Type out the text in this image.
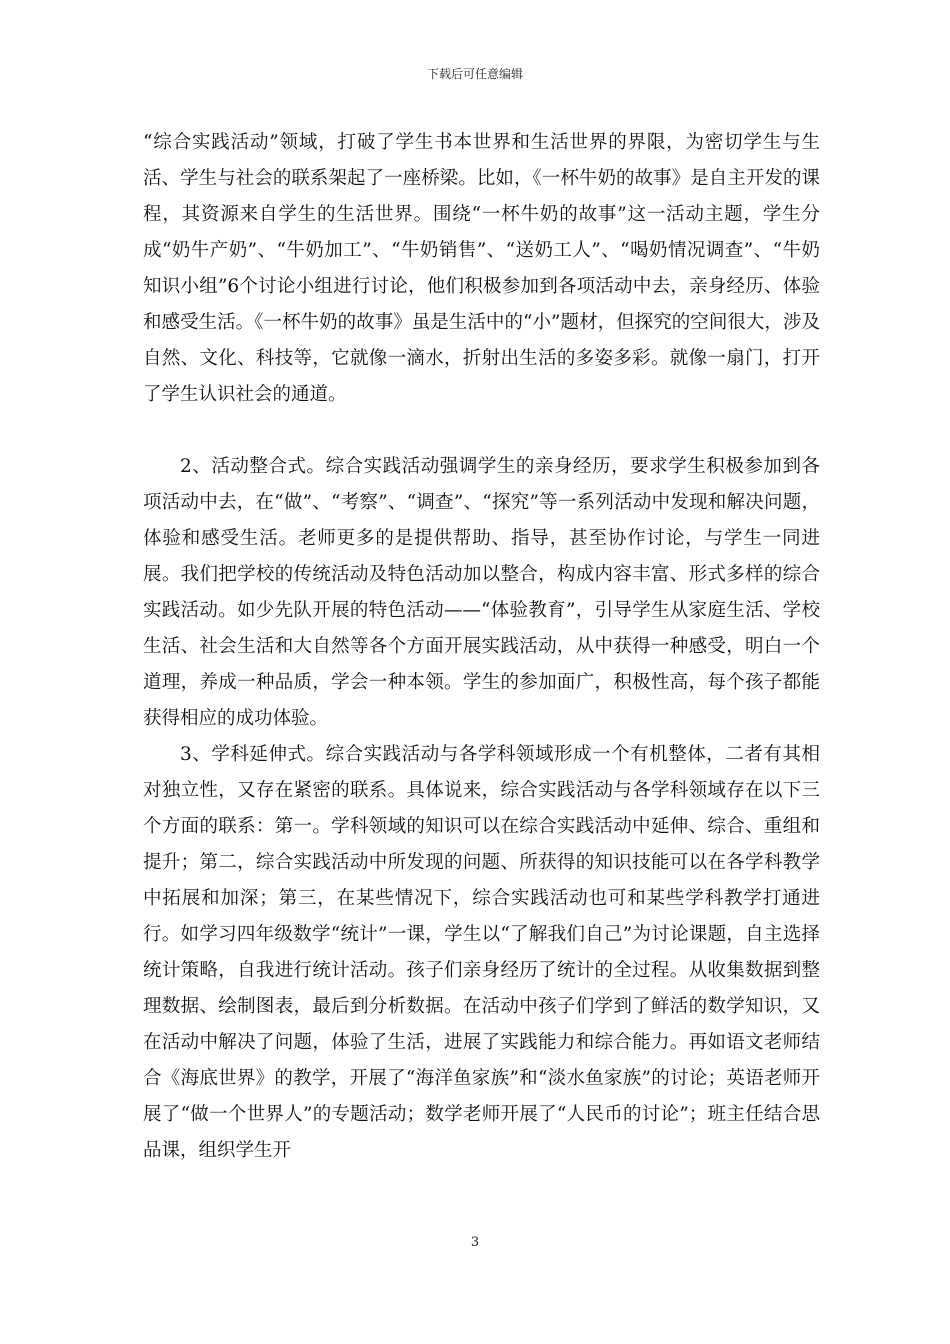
下载后可任意编辑

“综合实践活动”领域，打破了学生书本世界和生活世界的界限，为密切学生与生活、学生与社会的联系架起了一座桥梁。比如，《一杯牛奶的故事》是自主开发的课程，其资源来自学生的生活世界。围绕“一杯牛奶的故事”这一活动主题，学生分成“奶牛产奶”、“牛奶加工”、“牛奶销售”、“送奶工人”、“喝奶情况调查”、“牛奶知识小组”6个讨论小组进行讨论，他们积极参加到各项活动中去，亲身经历、体验和感受生活。《一杯牛奶的故事》虽是生活中的“小”题材，但探究的空间很大，涉及自然、文化、科技等，它就像一滴水，折射出生活的多姿多彩。就像一扇门，打开了学生认识社会的通道。

2、活动整合式。综合实践活动强调学生的亲身经历，要求学生积极参加到各项活动中去，在“做”、“考察”、“调查”、“探究”等一系列活动中发现和解决问题，体验和感受生活。老师更多的是提供帮助、指导，甚至协作讨论，与学生一同进展。我们把学校的传统活动及特色活动加以整合，构成内容丰富、形式多样的综合实践活动。如少先队开展的特色活动——“体验教育”，引导学生从家庭生活、学校生活、社会生活和大自然等各个方面开展实践活动，从中获得一种感受，明白一个道理，养成一种品质，学会一种本领。学生的参加面广，积极性高，每个孩子都能获得相应的成功体验。

3、学科延伸式。综合实践活动与各学科领域形成一个有机整体，二者有其相对独立性，又存在紧密的联系。具体说来，综合实践活动与各学科领域存在以下三个方面的联系：第一。学科领域的知识可以在综合实践活动中延伸、综合、重组和提升；第二，综合实践活动中所发现的问题、所获得的知识技能可以在各学科教学中拓展和加深；第三，在某些情况下，综合实践活动也可和某些学科教学打通进行。如学习四年级数学“统计”一课，学生以“了解我们自己”为讨论课题，自主选择统计策略，自我进行统计活动。孩子们亲身经历了统计的全过程。从收集数据到整理数据、绘制图表，最后到分析数据。在活动中孩子们学到了鲜活的数学知识，又在活动中解决了问题，体验了生活，进展了实践能力和综合能力。再如语文老师结合《海底世界》的教学，开展了“海洋鱼家族”和“淡水鱼家族”的讨论；英语老师开展了“做一个世界人”的专题活动；数学老师开展了“人民币的讨论”；班主任结合思品课，组织学生开

3
